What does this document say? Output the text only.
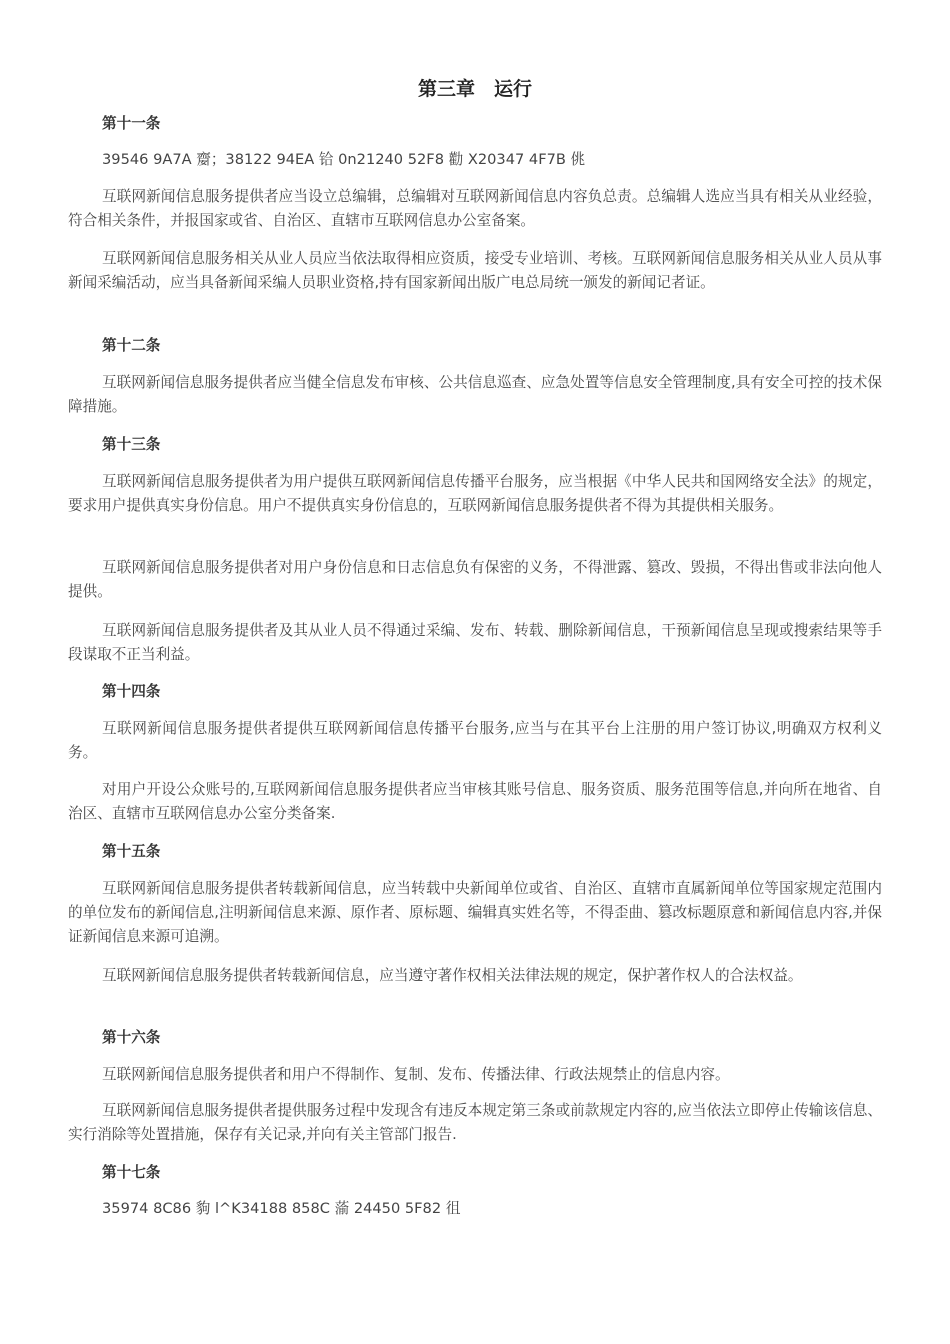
第三章　运行

第十一条

39546 9A7A 䶒；38122 94EA 铪 0n21240 52F8 勸 X20347 4F7B 佻

互联网新闻信息服务提供者应当设立总编辑，总编辑对互联网新闻信息内容负总责。总编辑人选应当具有相关从业经验，符合相关条件，并报国家或省、自治区、直辖市互联网信息办公室备案。

互联网新闻信息服务相关从业人员应当依法取得相应资质，接受专业培训、考核。互联网新闻信息服务相关从业人员从事新闻采编活动，应当具备新闻采编人员职业资格,持有国家新闻出版广电总局统一颁发的新闻记者证。

第十二条

互联网新闻信息服务提供者应当健全信息发布审核、公共信息巡查、应急处置等信息安全管理制度,具有安全可控的技术保障措施。

第十三条

互联网新闻信息服务提供者为用户提供互联网新闻信息传播平台服务，应当根据《中华人民共和国网络安全法》的规定，要求用户提供真实身份信息。用户不提供真实身份信息的，互联网新闻信息服务提供者不得为其提供相关服务。

互联网新闻信息服务提供者对用户身份信息和日志信息负有保密的义务，不得泄露、篡改、毁损，不得出售或非法向他人提供。

互联网新闻信息服务提供者及其从业人员不得通过采编、发布、转载、删除新闻信息，干预新闻信息呈现或搜索结果等手段谋取不正当利益。

第十四条

互联网新闻信息服务提供者提供互联网新闻信息传播平台服务,应当与在其平台上注册的用户签订协议,明确双方权利义务。

对用户开设公众账号的,互联网新闻信息服务提供者应当审核其账号信息、服务资质、服务范围等信息,并向所在地省、自治区、直辖市互联网信息办公室分类备案.

第十五条

互联网新闻信息服务提供者转载新闻信息，应当转载中央新闻单位或省、自治区、直辖市直属新闻单位等国家规定范围内的单位发布的新闻信息,注明新闻信息来源、原作者、原标题、编辑真实姓名等，不得歪曲、篡改标题原意和新闻信息内容,并保证新闻信息来源可追溯。

互联网新闻信息服务提供者转载新闻信息，应当遵守著作权相关法律法规的规定，保护著作权人的合法权益。

第十六条

互联网新闻信息服务提供者和用户不得制作、复制、发布、传播法律、行政法规禁止的信息内容。

互联网新闻信息服务提供者提供服务过程中发现含有违反本规定第三条或前款规定内容的,应当依法立即停止传输该信息、实行消除等处置措施，保存有关记录,并向有关主管部门报告.

第十七条

35974 8C86 豿 l^K34188 858C 蕍 24450 5F82 徂
